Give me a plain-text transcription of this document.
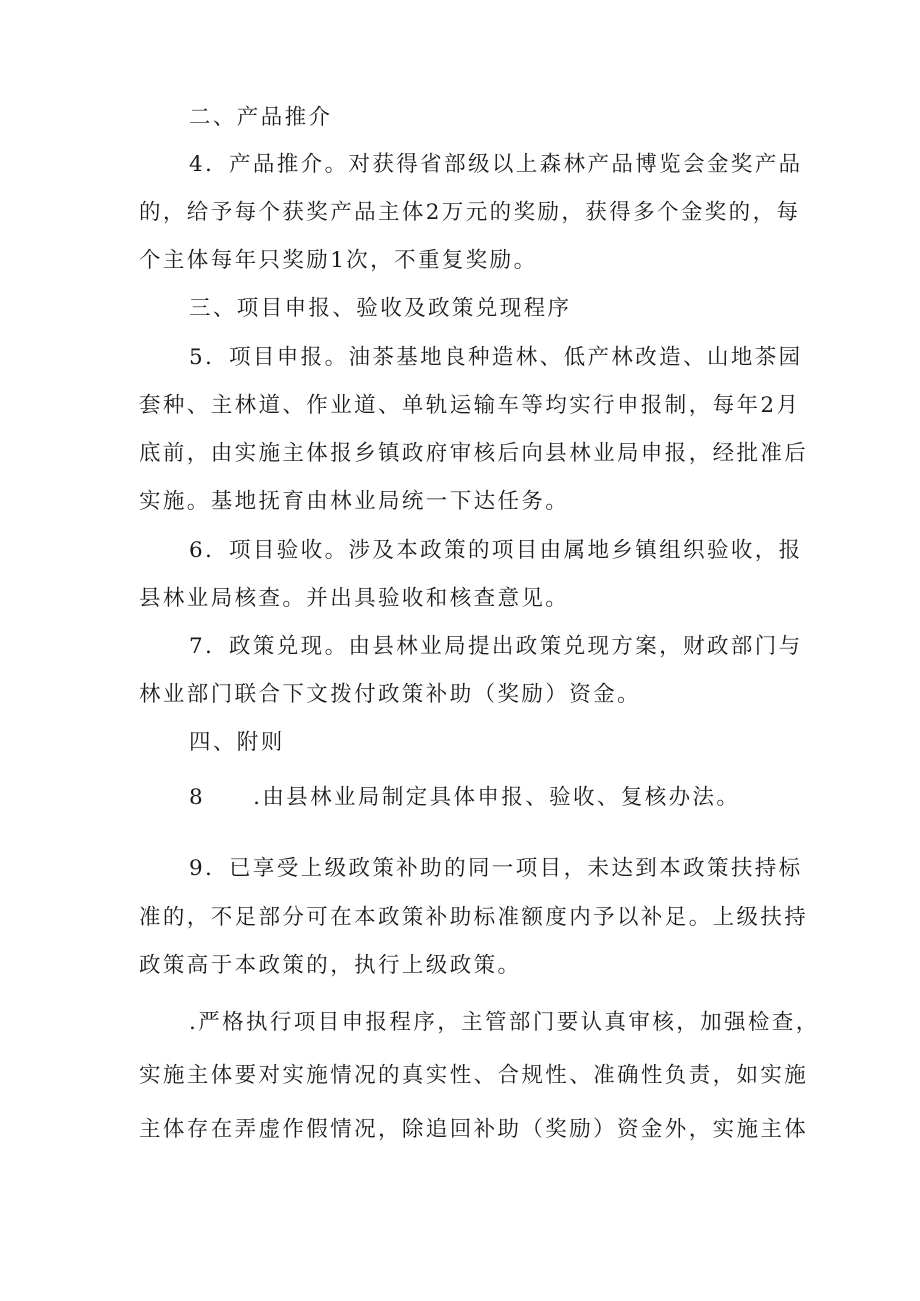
二、产品推介
4．产品推介。对获得省部级以上森林产品博览会金奖产品
的，给予每个获奖产品主体2万元的奖励，获得多个金奖的，每
个主体每年只奖励1次，不重复奖励。
三、项目申报、验收及政策兑现程序
5．项目申报。油茶基地良种造林、低产林改造、山地茶园
套种、主林道、作业道、单轨运输车等均实行申报制，每年2月
底前，由实施主体报乡镇政府审核后向县林业局申报，经批准后
实施。基地抚育由林业局统一下达任务。
6．项目验收。涉及本政策的项目由属地乡镇组织验收，报
县林业局核查。并出具验收和核查意见。
7．政策兑现。由县林业局提出政策兑现方案，财政部门与
林业部门联合下文拨付政策补助（奖励）资金。
四、附则
8 .由县林业局制定具体申报、验收、复核办法。
9．已享受上级政策补助的同一项目，未达到本政策扶持标
准的，不足部分可在本政策补助标准额度内予以补足。上级扶持
政策高于本政策的，执行上级政策。
.严格执行项目申报程序，主管部门要认真审核，加强检查，
实施主体要对实施情况的真实性、合规性、准确性负责，如实施
主体存在弄虚作假情况，除追回补助（奖励）资金外，实施主体
